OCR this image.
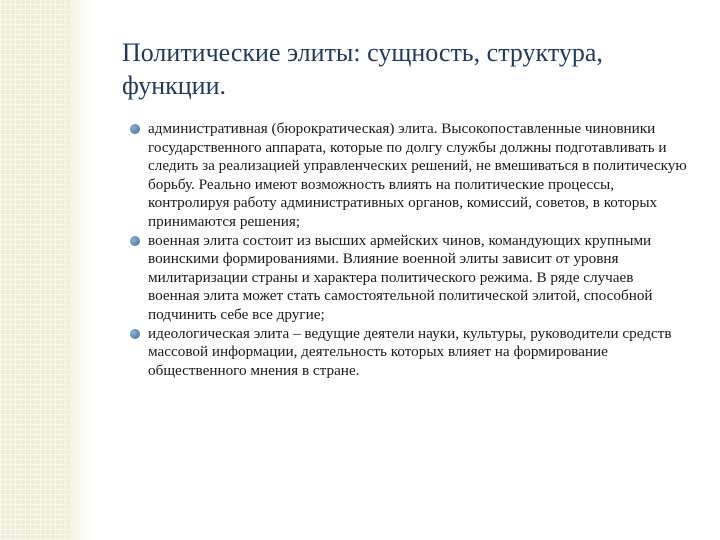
Политические элиты: сущность, структура, функции.
административная (бюрократическая) элита. Высокопоставленные чиновники государственного аппарата, которые по долгу службы должны подготавливать и следить за реализацией управленческих решений, не вмешиваться в политическую борьбу. Реально имеют возможность влиять на политические процессы, контролируя работу административных органов, комиссий, советов, в которых принимаются решения;
военная элита состоит из высших армейских чинов, командующих крупными воинскими формированиями. Влияние военной элиты зависит от уровня милитаризации страны и характера политического режима. В ряде случаев военная элита может стать самостоятельной политической элитой, способной подчинить себе все другие;
идеологическая элита – ведущие деятели науки, культуры, руководители средств массовой информации, деятельность которых влияет на формирование общественного мнения в стране.
